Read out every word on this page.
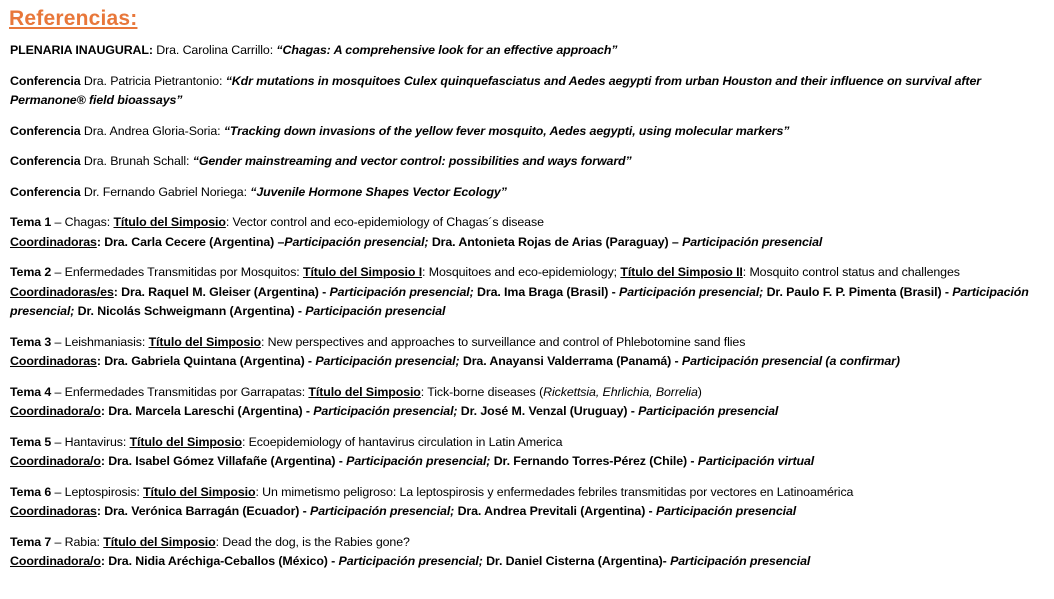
Referencias:
PLENARIA INAUGURAL: Dra. Carolina Carrillo: “Chagas: A comprehensive look for an effective approach”
Conferencia Dra. Patricia Pietrantonio: “Kdr mutations in mosquitoes Culex quinquefasciatus and Aedes aegypti from urban Houston and their influence on survival after Permanone® field bioassays”
Conferencia Dra. Andrea Gloria-Soria: “Tracking down invasions of the yellow fever mosquito, Aedes aegypti, using molecular markers”
Conferencia Dra. Brunah Schall: “Gender mainstreaming and vector control: possibilities and ways forward”
Conferencia Dr. Fernando Gabriel Noriega: “Juvenile Hormone Shapes Vector Ecology”
Tema 1 – Chagas: Título del Simposio: Vector control and eco-epidemiology of Chagas´s disease
Coordinadoras: Dra. Carla Cecere (Argentina) –Participación presencial; Dra. Antonieta Rojas de Arias (Paraguay) – Participación presencial
Tema 2 – Enfermedades Transmitidas por Mosquitos: Título del Simposio I: Mosquitoes and eco-epidemiology; Título del Simposio II: Mosquito control status and challenges
Coordinadoras/es: Dra. Raquel M. Gleiser (Argentina) - Participación presencial; Dra. Ima Braga (Brasil) - Participación presencial; Dr. Paulo F. P. Pimenta (Brasil) - Participación presencial; Dr. Nicolás Schweigmann (Argentina) - Participación presencial
Tema 3 – Leishmaniasis: Título del Simposio: New perspectives and approaches to surveillance and control of Phlebotomine sand flies
Coordinadoras: Dra. Gabriela Quintana (Argentina) - Participación presencial; Dra. Anayansi Valderrama (Panamá) - Participación presencial (a confirmar)
Tema 4 – Enfermedades Transmitidas por Garrapatas: Título del Simposio: Tick-borne diseases (Rickettsia, Ehrlichia, Borrelia)
Coordinadora/o: Dra. Marcela Lareschi (Argentina) - Participación presencial; Dr. José M. Venzal (Uruguay) - Participación presencial
Tema 5 – Hantavirus: Título del Simposio: Ecoepidemiology of hantavirus circulation in Latin America
Coordinadora/o: Dra. Isabel Gómez Villafañe (Argentina) - Participación presencial; Dr. Fernando Torres-Pérez (Chile) - Participación virtual
Tema 6 – Leptospirosis: Título del Simposio: Un mimetismo peligroso: La leptospirosis y enfermedades febriles transmitidas por vectores en Latinoamérica
Coordinadoras: Dra. Verónica Barragán (Ecuador) - Participación presencial; Dra. Andrea Previtali (Argentina) - Participación presencial
Tema 7 – Rabia: Título del Simposio: Dead the dog, is the Rabies gone?
Coordinadora/o: Dra. Nidia Aréchiga-Ceballos (México) - Participación presencial; Dr. Daniel Cisterna (Argentina)- Participación presencial
